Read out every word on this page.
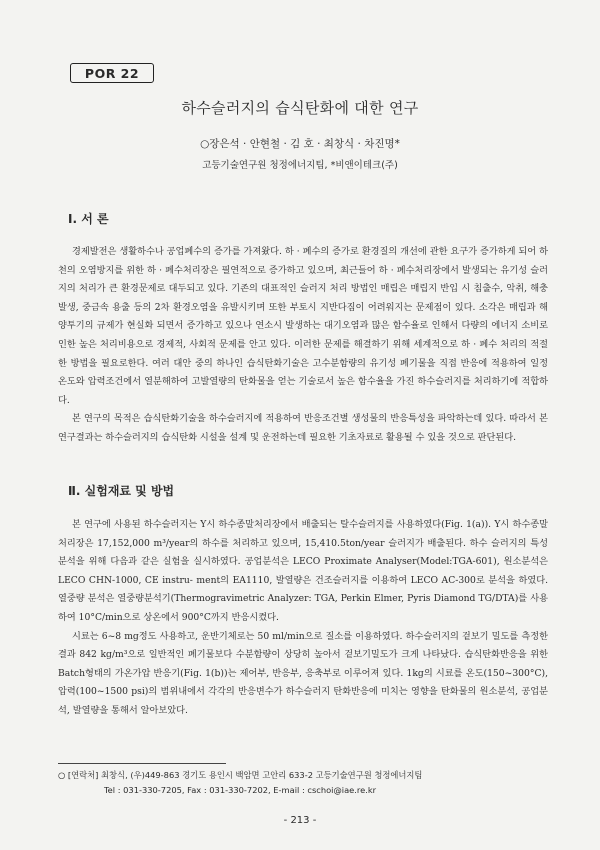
POR 22
하수슬러지의 습식탄화에 대한 연구
○장은석 · 안현철 · 김 호 · 최창식 · 차진명*
고등기술연구원 청정에너지팀, *비앤이테크(주)
Ⅰ. 서 론

경제발전은 생활하수나 공업폐수의 증가를 가져왔다. 하 · 폐수의 증가로 환경질의 개선에 관한 요구가 증가하게 되어 하천의 오염방지를 위한 하 · 폐수처리장은 필연적으로 증가하고 있으며, 최근들어 하 · 폐수처리장에서 발생되는 유기성 슬러지의 처리가 큰 환경문제로 대두되고 있다. 기존의 대표적인 슬러지 처리 방법인 매립은 매립지 반입 시 침출수, 악취, 해충 발생, 중금속 용출 등의 2차 환경오염을 유발시키며 또한 부토시 지반다짐이 어려워지는 문제점이 있다. 소각은 매립과 해양투기의 규제가 현실화 되면서 증가하고 있으나 연소시 발생하는 대기오염과 많은 함수율로 인해서 다량의 에너지 소비로 인한 높은 처리비용으로 경제적, 사회적 문제를 안고 있다. 이러한 문제를 해결하기 위해 세계적으로 하 · 폐수 처리의 적절한 방법을 필요로한다. 여러 대안 중의 하나인 습식탄화기술은 고수분함량의 유기성 폐기물을 직접 반응에 적용하여 일정 온도와 압력조건에서 열분해하여 고발열량의 탄화물을 얻는 기술로서 높은 함수율을 가진 하수슬러지를 처리하기에 적합하다.

본 연구의 목적은 습식탄화기술을 하수슬러지에 적용하여 반응조건별 생성물의 반응특성을 파악하는데 있다. 따라서 본 연구결과는 하수슬러지의 습식탄화 시설을 설계 및 운전하는데 필요한 기초자료로 활용될 수 있을 것으로 판단된다.

Ⅱ. 실험재료 및 방법

본 연구에 사용된 하수슬러지는 Y시 하수종말처리장에서 배출되는 탈수슬러지를 사용하였다(Fig. 1(a)). Y시 하수종말처리장은 17,152,000 m³/year의 하수를 처리하고 있으며, 15,410.5ton/year 슬러지가 배출된다. 하수 슬러지의 특성분석을 위해 다음과 같은 실험을 실시하였다. 공업분석은 LECO Proximate Analyser(Model:TGA-601), 원소분석은 LECO CHN-1000, CE instru- ment의 EA1110, 발열량은 건조슬러지를 이용하여 LECO AC-300로 분석을 하였다. 열중량 분석은 열중량분석기(Thermogravimetric Analyzer: TGA, Perkin Elmer, Pyris Diamond TG/DTA)를 사용하여 10°C/min으로 상온에서 900°C까지 반응시켰다.

시료는 6~8 mg정도 사용하고, 운반기체로는 50 ml/min으로 질소를 이용하였다. 하수슬러지의 겉보기 밀도를 측정한 결과 842 kg/m³으로 일반적인 폐기물보다 수분함량이 상당히 높아서 겉보기밀도가 크게 나타났다. 습식탄화반응을 위한 Batch형태의 가온가압 반응기(Fig. 1(b))는 제어부, 반응부, 응축부로 이루어져 있다. 1kg의 시료를 온도(150~300°C), 압력(100~1500 psi)의 범위내에서 각각의 반응변수가 하수슬러지 탄화반응에 미치는 영향을 탄화물의 원소분석, 공업분석, 발열량을 통해서 알아보았다.

○ [연락처] 최창식, (우)449-863 경기도 용인시 백암면 고안리 633-2 고등기술연구원 청정에너지팀
Tel : 031-330-7205, Fax : 031-330-7202, E-mail : cschoi@iae.re.kr
- 213 -
